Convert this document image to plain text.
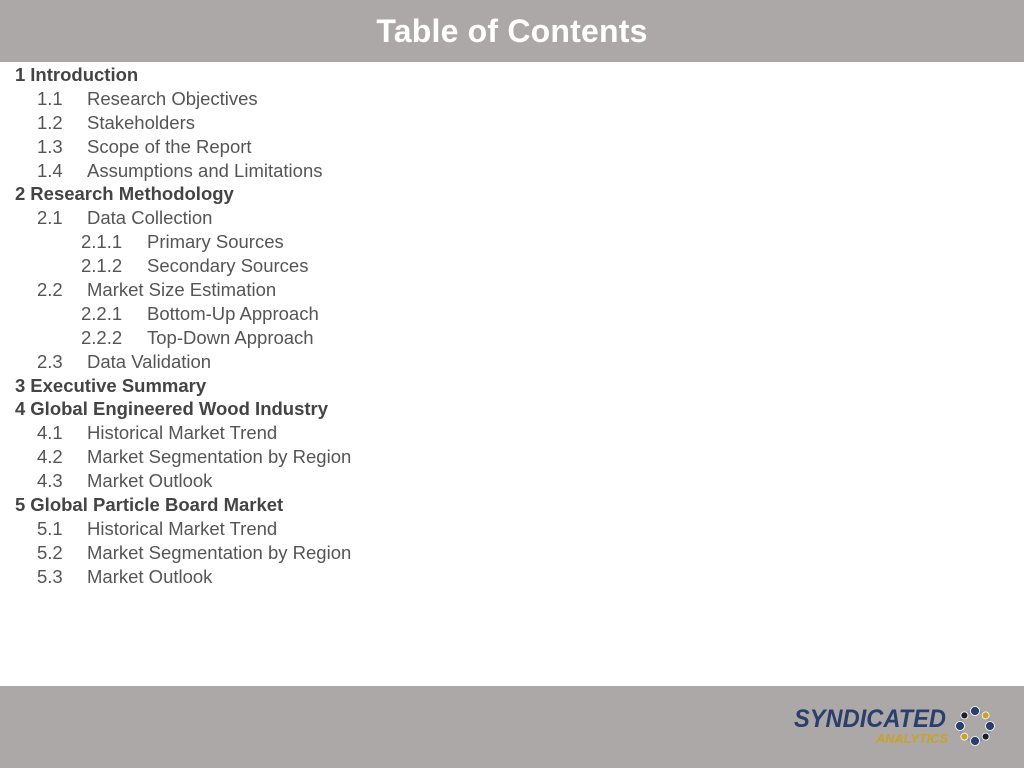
Table of Contents
1 Introduction
1.1	Research Objectives
1.2	Stakeholders
1.3	Scope of the Report
1.4	Assumptions and Limitations
2 Research Methodology
2.1	Data Collection
2.1.1	Primary Sources
2.1.2	Secondary Sources
2.2	Market Size Estimation
2.2.1	Bottom-Up Approach
2.2.2	Top-Down Approach
2.3	Data Validation
3 Executive Summary
4 Global Engineered Wood Industry
4.1	Historical Market Trend
4.2	Market Segmentation by Region
4.3	Market Outlook
5 Global Particle Board Market
5.1	Historical Market Trend
5.2	Market Segmentation by Region
5.3	Market Outlook
SYNDICATED
ANALYTICS
